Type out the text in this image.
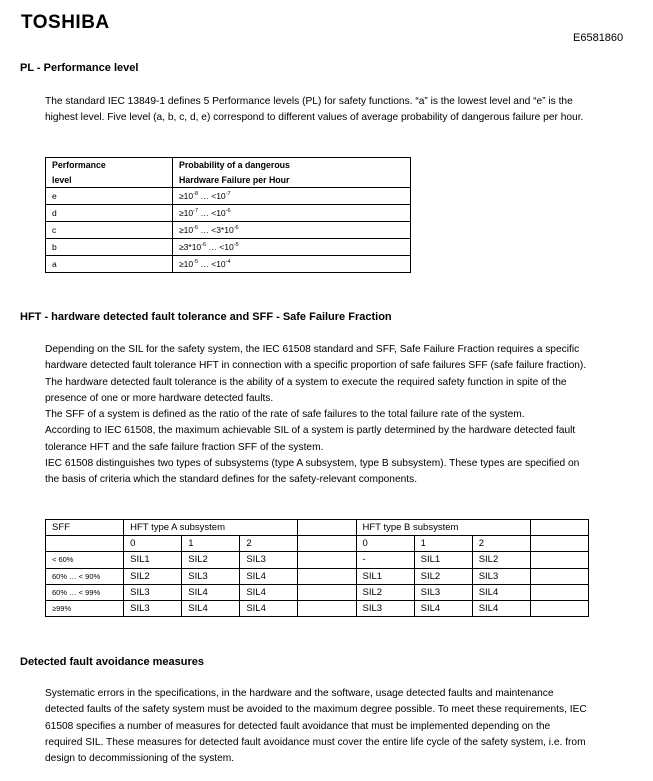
TOSHIBA
E6581860
PL - Performance level

The standard IEC 13849-1 defines 5 Performance levels (PL) for safety functions. “a” is the lowest level and “e” is the highest level. Five level (a, b, c, d, e) correspond to different values of average probability of dangerous failure per hour.

Performance
level	Probability of a dangerous
Hardware Failure per Hour
e	$\ge 10^{-8}$ … $<10^{-7}$
d	$\ge 10^{-7}$ … $<10^{-6}$
c	$\ge 10^{-6}$ … $<3*10^{-6}$
b	$\ge 3*10^{-6}$ … $<10^{-5}$
a	$\ge 10^{-5}$ … $<10^{-4}$
HFT - hardware detected fault tolerance and SFF - Safe Failure Fraction

Depending on the SIL for the safety system, the IEC 61508 standard and SFF, Safe Failure Fraction requires a specific hardware detected fault tolerance HFT in connection with a specific proportion of safe failures SFF (safe failure fraction).

The hardware detected fault tolerance is the ability of a system to execute the required safety function in spite of the presence of one or more hardware detected faults.

The SFF of a system is defined as the ratio of the rate of safe failures to the total failure rate of the system.

According to IEC 61508, the maximum achievable SIL of a system is partly determined by the hardware detected fault tolerance HFT and the safe failure fraction SFF of the system.

IEC 61508 distinguishes two types of subsystems (type A subsystem, type B subsystem). These types are specified on the basis of criteria which the standard defines for the safety-relevant components.

SFF	HFT type A subsystem				HFT type B subsystem			
	0	1	2		0	1	2	
< 60%	SIL1	SIL2	SIL3		-	SIL1	SIL2	
60% … < 90%	SIL2	SIL3	SIL4		SIL1	SIL2	SIL3	
60% … < 99%	SIL3	SIL4	SIL4		SIL2	SIL3	SIL4	
≥99%	SIL3	SIL4	SIL4		SIL3	SIL4	SIL4	
Detected fault avoidance measures

Systematic errors in the specifications, in the hardware and the software, usage detected faults and maintenance detected faults of the safety system must be avoided to the maximum degree possible. To meet these requirements, IEC 61508 specifies a number of measures for detected fault avoidance that must be implemented depending on the required SIL. These measures for detected fault avoidance must cover the entire life cycle of the safety system, i.e. from design to decommissioning of the system.
